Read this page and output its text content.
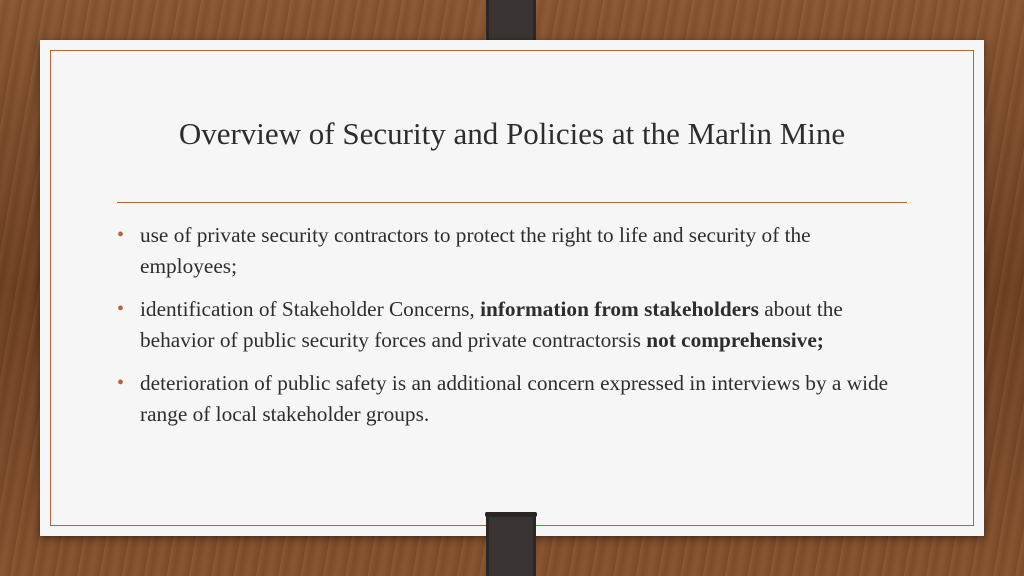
Overview of Security and Policies at the Marlin Mine
• use of private security contractors to protect the right to life and security of the employees;
• identification of Stakeholder Concerns, information from stakeholders about the behavior of public security forces and private contractorsis not comprehensive;
• deterioration of public safety is an additional concern expressed in interviews by a wide range of local stakeholder groups.
